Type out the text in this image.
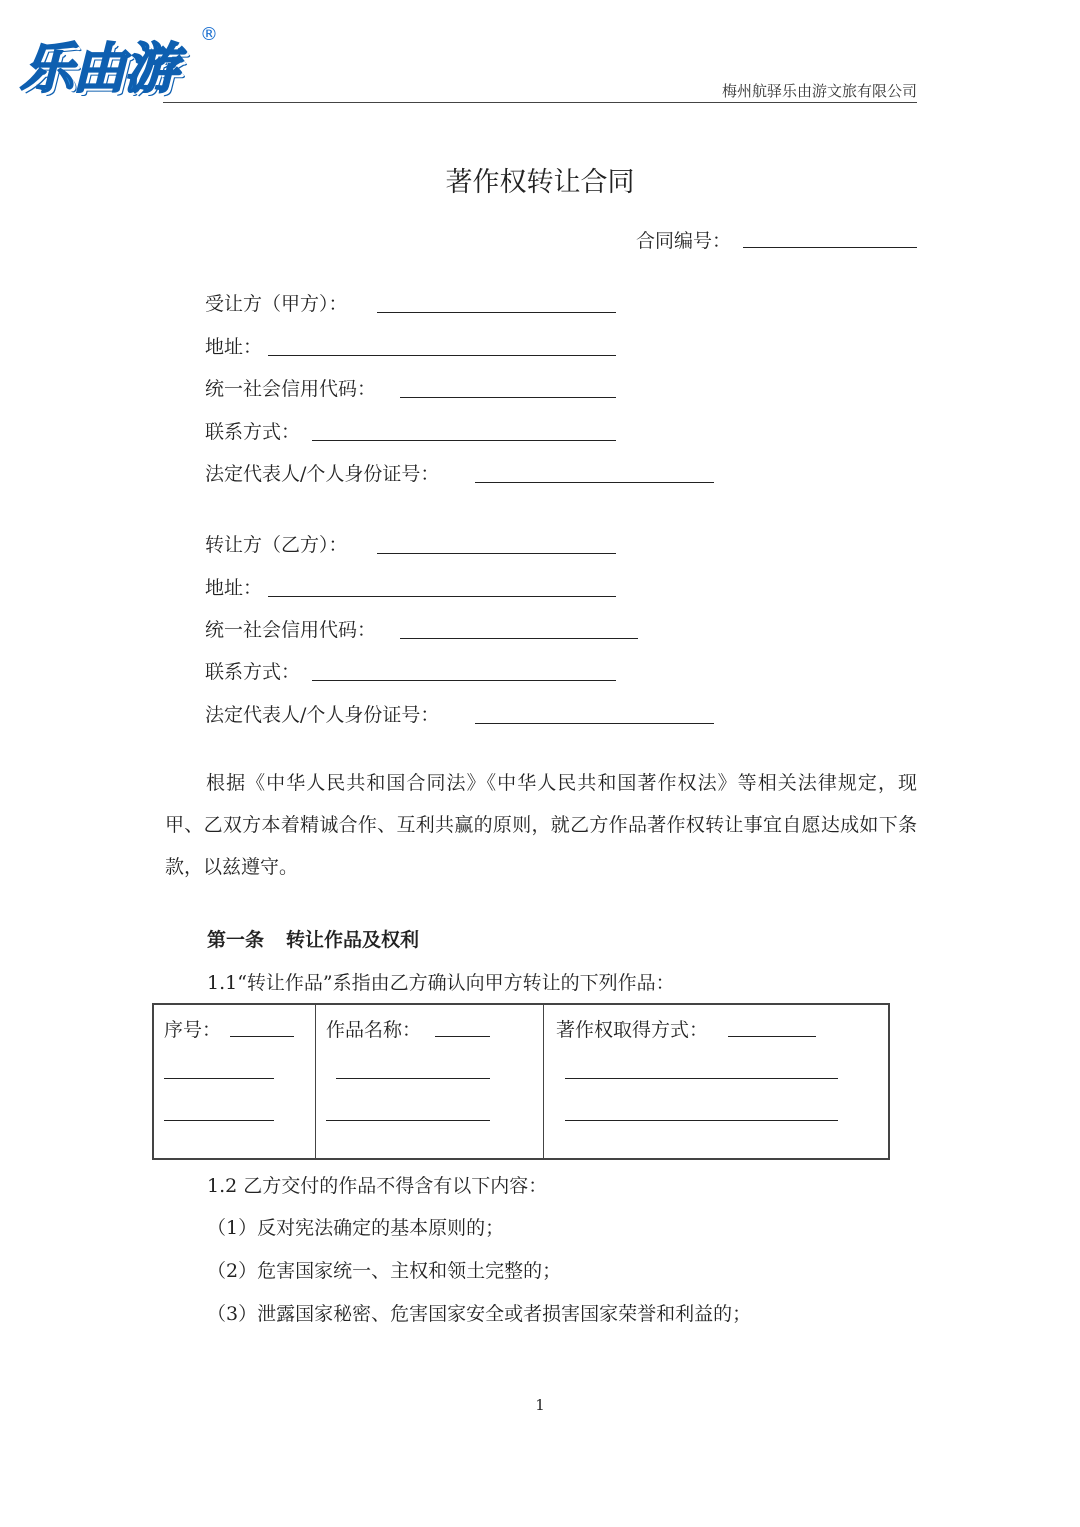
乐由游
®
梅州航驿乐由游文旅有限公司
著作权转让合同
合同编号：
受让方（甲方）：
地址：
统一社会信用代码：
联系方式：
法定代表人/个人身份证号：
转让方（乙方）：
地址：
统一社会信用代码：
联系方式：
法定代表人/个人身份证号：
根据《中华人民共和国合同法》《中华人民共和国著作权法》等相关法律规定，现甲、乙双方本着精诚合作、互利共赢的原则，就乙方作品著作权转让事宜自愿达成如下条款，以兹遵守。
第一条 转让作品及权利
1.1“转让作品”系指由乙方确认向甲方转让的下列作品：
序号：	作品名称：	著作权取得方式：
1.2 乙方交付的作品不得含有以下内容：
（1）反对宪法确定的基本原则的；
（2）危害国家统一、主权和领土完整的；
（3）泄露国家秘密、危害国家安全或者损害国家荣誉和利益的；
1
